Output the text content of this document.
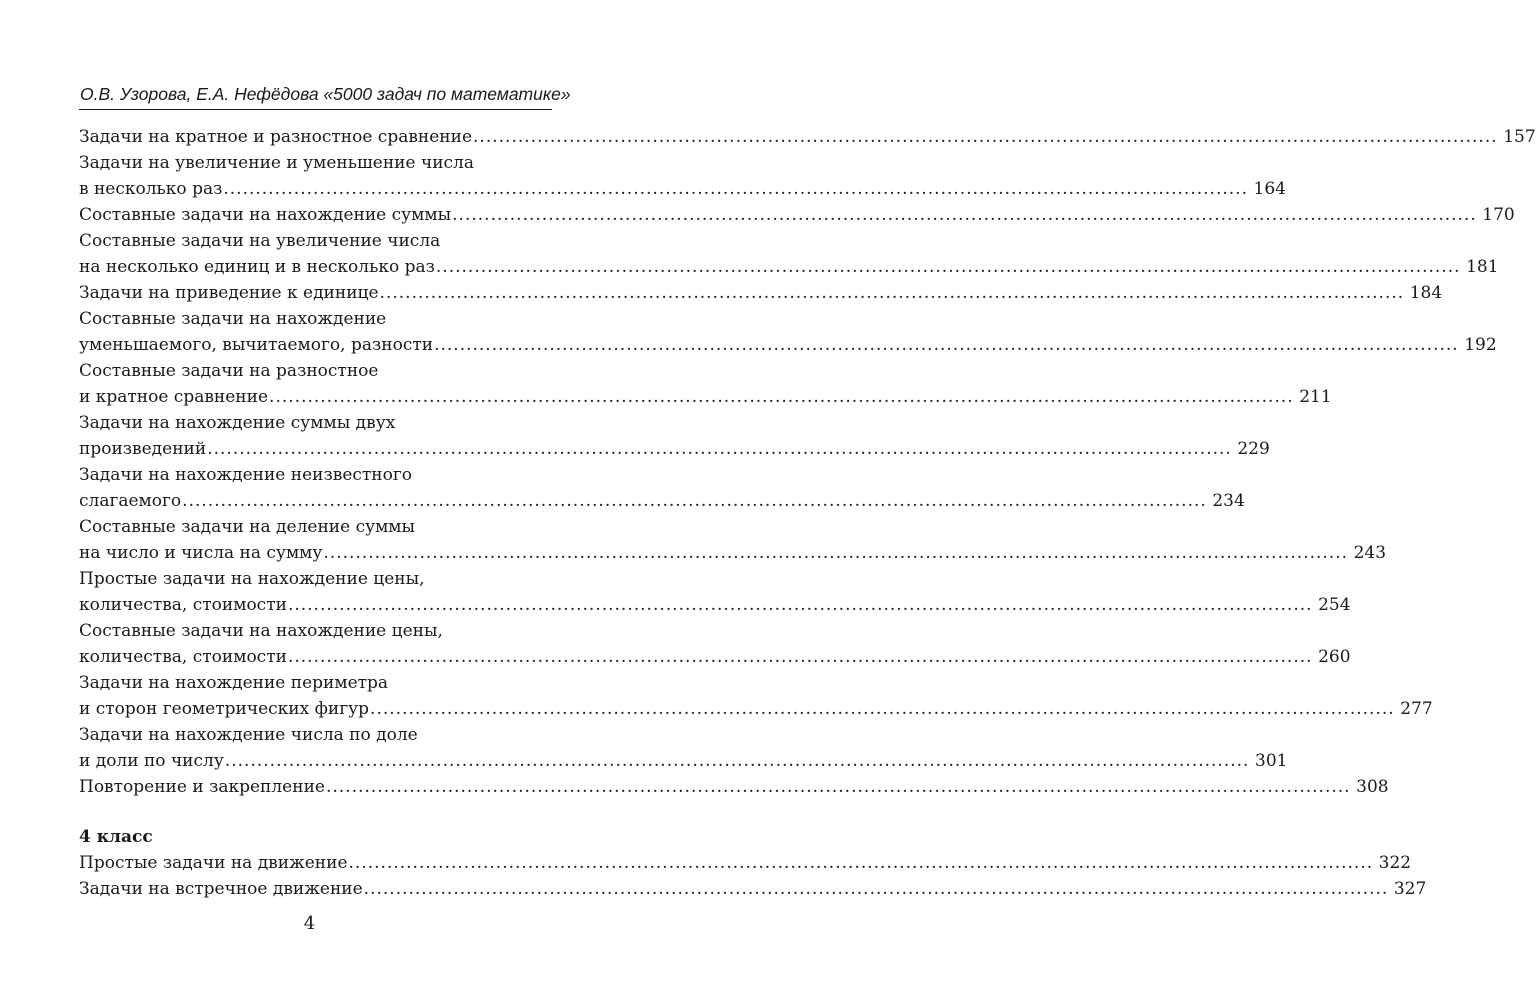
О.В. Узорова, Е.А. Нефёдова «5000 задач по математике»
Задачи на кратное и разностное сравнение ................................................................................................................................................................ 157
Задачи на увеличение и уменьшение числа
в несколько раз ................................................................................................................................................................ 164
Составные задачи на нахождение суммы ................................................................................................................................................................ 170
Составные задачи на увеличение числа
на несколько единиц и в несколько раз ................................................................................................................................................................ 181
Задачи на приведение к единице ................................................................................................................................................................ 184
Составные задачи на нахождение
уменьшаемого, вычитаемого, разности ................................................................................................................................................................ 192
Составные задачи на разностное
и кратное сравнение ................................................................................................................................................................ 211
Задачи на нахождение суммы двух
произведений ................................................................................................................................................................ 229
Задачи на нахождение неизвестного
слагаемого ................................................................................................................................................................ 234
Составные задачи на деление суммы
на число и числа на сумму ................................................................................................................................................................ 243
Простые задачи на нахождение цены,
количества, стоимости ................................................................................................................................................................ 254
Составные задачи на нахождение цены,
количества, стоимости ................................................................................................................................................................ 260
Задачи на нахождение периметра
и сторон геометрических фигур ................................................................................................................................................................ 277
Задачи на нахождение числа по доле
и доли по числу ................................................................................................................................................................ 301
Повторение и закрепление ................................................................................................................................................................ 308
4 класс
Простые задачи на движение ................................................................................................................................................................ 322
Задачи на встречное движение ................................................................................................................................................................ 327
4
